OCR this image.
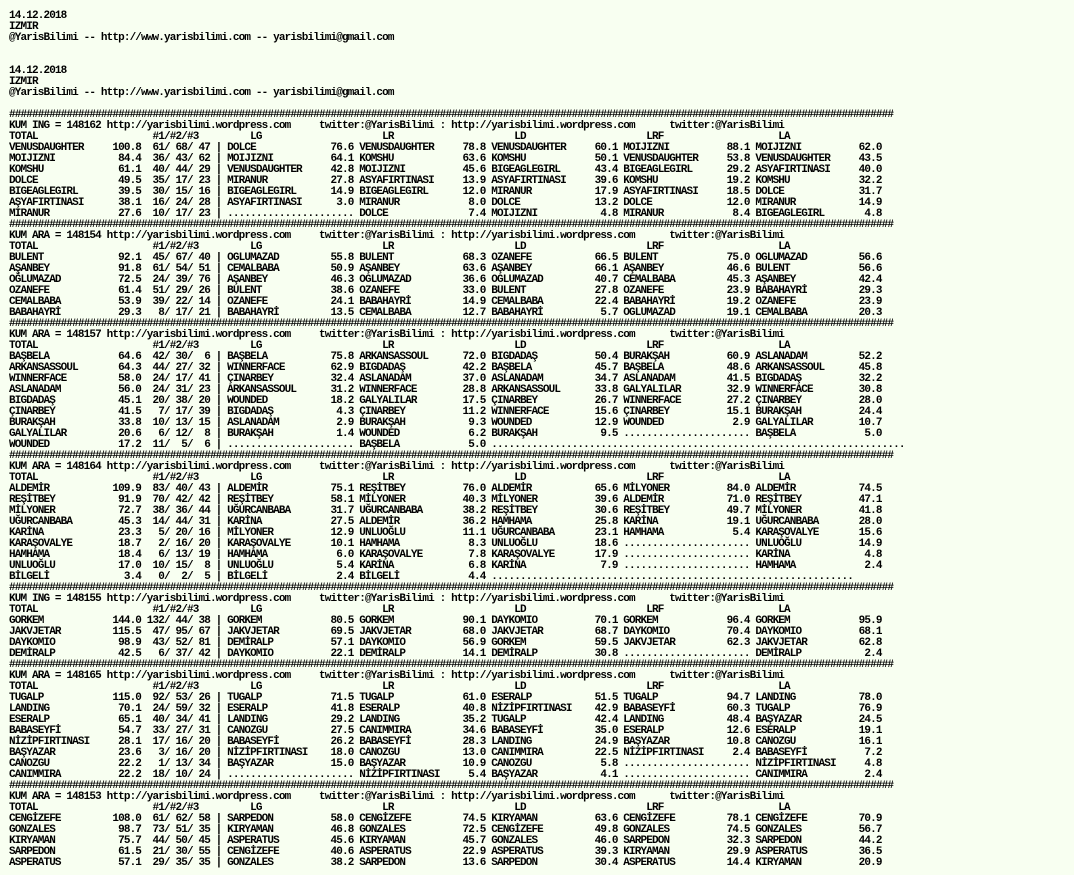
14.12.2018
IZMIR
@YarisBilimi -- http://www.yarisbilimi.com -- yarisbilimi@gmail.com
14.12.2018
IZMIR
@YarisBilimi -- http://www.yarisbilimi.com -- yarisbilimi@gmail.com
##########################################################################################################################################################
KUM ING = 148162 http://yarisbilimi.wordpress.com     twitter:@YarisBilimi : http://yarisbilimi.wordpress.com      twitter:@YarisBilimi
TOTAL                    #1/#2/#3         LG                     LR                     LD                     LRF                    LA
VENUSDAUGHTER     100.8  61/ 68/ 47 | DOLCE             76.6 VENUSDAUGHTER     78.8 VENUSDAUGHTER     60.1 MOIJIZNI          88.1 MOIJIZNI          62.0
MOIJIZNI           84.4  36/ 43/ 62 | MOIJIZNI          64.1 KOMSHU            63.6 KOMSHU            50.1 VENUSDAUGHTER     53.8 VENUSDAUGHTER     43.5
KOMSHU             61.1  40/ 44/ 29 | VENUSDAUGHTER     42.8 MOIJIZNI          45.6 BIGEAGLEGIRL      43.4 BIGEAGLEGIRL      29.2 ASYAFIRTINASI     40.0
DOLCE              49.5  35/ 17/ 23 | MIRANUR           27.8 ASYAFIRTINASI     13.9 ASYAFIRTINASI     39.6 KOMSHU            19.2 KOMSHU            32.2
BIGEAGLEGIRL       39.5  30/ 15/ 16 | BIGEAGLEGIRL      14.9 BIGEAGLEGIRL      12.0 MIRANUR           17.9 ASYAFIRTINASI     18.5 DOLCE             31.7
AŞYAFIRTINASI      38.1  16/ 24/ 28 | ASYAFIRTINASI      3.0 MIRANUR            8.0 DOLCE             13.2 DOLCE             12.0 MIRANUR           14.9
MIRANUR            27.6  10/ 17/ 23 | ...................... DOLCE              7.4 MOIJIZNI           4.8 MIRANUR            8.4 BIGEAGLEGIRL       4.8
##########################################################################################################################################################
KUM ARA = 148154 http://yarisbilimi.wordpress.com     twitter:@YarisBilimi : http://yarisbilimi.wordpress.com      twitter:@YarisBilimi
TOTAL                    #1/#2/#3         LG                     LR                     LD                     LRF                    LA
BULENT             92.1  45/ 67/ 40 | OGLUMAZAD         55.8 BULENT            68.3 OZANEFE           66.5 BULENT            75.0 OGLUMAZAD         56.6
AŞANBEY            91.8  61/ 54/ 51 | CEMALBABA         50.9 AŞANBEY           63.6 AŞANBEY           66.1 AŞANBEY           46.6 BULENT            56.6
OĞLUMAZAD          72.5  24/ 39/ 76 | AŞANBEY           46.3 OGLUMAZAD         36.6 OGLUMAZAD         40.7 CEMALBABA         45.3 AŞANBEY           42.4
OZANEFE            61.4  51/ 29/ 26 | BULENT            38.6 OZANEFE           33.0 BULENT            27.8 OZANEFE           23.9 BABAHAYRİ         29.3
CEMALBABA          53.9  39/ 22/ 14 | OZANEFE           24.1 BABAHAYRİ         14.9 CEMALBABA         22.4 BABAHAYRİ         19.2 OZANEFE           23.9
BABAHAYRİ          29.3   8/ 17/ 21 | BABAHAYRİ         13.5 CEMALBABA         12.7 BABAHAYRİ          5.7 OGLUMAZAD         19.1 CEMALBABA         20.3
##########################################################################################################################################################
KUM ARA = 148157 http://yarisbilimi.wordpress.com     twitter:@YarisBilimi : http://yarisbilimi.wordpress.com      twitter:@YarisBilimi
TOTAL                    #1/#2/#3         LG                     LR                     LD                     LRF                    LA
BAŞBELA            64.6  42/ 30/  6 | BAŞBELA           75.8 ARKANSASSOUL      72.0 BIGDADAŞ          50.4 BURAKŞAH          60.9 ASLANADAM         52.2
ARKANSASSOUL       64.3  44/ 27/ 32 | WINNERFACE        62.9 BIGDADAŞ          42.2 BAŞBELA           45.7 BAŞBELA           48.6 ARKANSASSOUL      45.8
WINNERFACE         58.0  24/ 17/ 41 | ÇINARBEY          32.4 ASLANADAM         37.0 ASLANADAM         34.7 ASLANADAM         41.5 BIGDADAŞ          32.2
ASLANADAM          56.0  24/ 31/ 23 | ARKANSASSOUL      31.2 WINNERFACE        28.8 ARKANSASSOUL      33.8 GALYALILAR        32.9 WINNERFACE        30.8
BIGDADAŞ           45.1  20/ 38/ 20 | WOUNDED           18.2 GALYALILAR        17.5 ÇINARBEY          26.7 WINNERFACE        27.2 ÇINARBEY          28.0
ÇINARBEY           41.5   7/ 17/ 39 | BIGDADAŞ           4.3 ÇINARBEY          11.2 WINNERFACE        15.6 ÇINARBEY          15.1 BURAKŞAH          24.4
BURAKŞAH           33.8  10/ 13/ 15 | ASLANADAM          2.9 BURAKŞAH           9.3 WOUNDED           12.9 WOUNDED            2.9 GALYALILAR        10.7
GALYALILAR         20.6   6/ 12/  8 | BURAKŞAH           1.4 WOUNDED            6.2 BURAKŞAH           9.5 ...................... BAŞBELA            5.0
WOUNDED            17.2  11/  5/  6 | ...................... BAŞBELA            5.0 ........................................................................
##########################################################################################################################################################
KUM ARA = 148164 http://yarisbilimi.wordpress.com     twitter:@YarisBilimi : http://yarisbilimi.wordpress.com      twitter:@YarisBilimi
TOTAL                    #1/#2/#3         LG                     LR                     LD                     LRF                    LA
ALDEMİR           109.9  83/ 40/ 43 | ALDEMİR           75.1 REŞİTBEY          76.0 ALDEMİR           65.6 MİLYONER          84.0 ALDEMİR           74.5
REŞİTBEY           91.9  70/ 42/ 42 | REŞİTBEY          58.1 MİLYONER          40.3 MİLYONER          39.6 ALDEMİR           71.0 REŞİTBEY          47.1
MİLYONER           72.7  38/ 36/ 44 | UĞURCANBABA       31.7 UĞURCANBABA       38.2 REŞİTBEY          30.6 REŞİTBEY          49.7 MİLYONER          41.8
UĞURCANBABA        45.3  14/ 44/ 31 | KARİNA            27.5 ALDEMİR           36.2 HAMHAMA           25.8 KARİNA            19.1 UĞURCANBABA       28.0
KARİNA             23.3   5/ 20/ 16 | MİLYONER          12.9 UNLUOĞLU          11.1 UĞURCANBABA       23.1 HAMHAMA            5.4 KARAŞOVALYE       15.6
KARAŞOVALYE        18.7   2/ 16/ 20 | KARAŞOVALYE       10.1 HAMHAMA            8.3 UNLUOĞLU          18.6 ...................... UNLUOĞLU          14.9
HAMHAMA            18.4   6/ 13/ 19 | HAMHAMA            6.0 KARAŞOVALYE        7.8 KARAŞOVALYE       17.9 ...................... KARİNA             4.8
UNLUOĞLU           17.0  10/ 15/  8 | UNLUOĞLU           5.4 KARİNA             6.8 KARİNA             7.9 ...................... HAMHAMA            2.4
BİLGELİ             3.4   0/  2/  5 | BİLGELİ            2.4 BİLGELİ            4.4 ...............................................................
##########################################################################################################################################################
KUM ING = 148155 http://yarisbilimi.wordpress.com     twitter:@YarisBilimi : http://yarisbilimi.wordpress.com      twitter:@YarisBilimi
TOTAL                    #1/#2/#3         LG                     LR                     LD                     LRF                    LA
GORKEM            144.0 132/ 44/ 38 | GORKEM            80.5 GORKEM            90.1 DAYKOMIO          70.1 GORKEM            96.4 GORKEM            95.9
JAKVJETAR         115.5  47/ 95/ 67 | JAKVJETAR         69.5 JAKVJETAR         68.0 JAKVJETAR         68.7 DAYKOMIO          70.4 DAYKOMIO          68.1
DAYKOMIO           98.9  43/ 52/ 81 | DEMİRALP          57.1 DAYKOMIO          56.9 GORKEM            59.5 JAKVJETAR         62.3 JAKVJETAR         62.8
DEMİRALP           42.5   6/ 37/ 42 | DAYKOMIO          22.1 DEMİRALP          14.1 DEMİRALP          30.8 ...................... DEMİRALP           2.4
##########################################################################################################################################################
KUM ARA = 148165 http://yarisbilimi.wordpress.com     twitter:@YarisBilimi : http://yarisbilimi.wordpress.com      twitter:@YarisBilimi
TOTAL                    #1/#2/#3         LG                     LR                     LD                     LRF                    LA
TUGALP            115.0  92/ 53/ 26 | TUGALP            71.5 TUGALP            61.0 ESERALP           51.5 TUGALP            94.7 LANDING           78.0
LANDING            70.1  24/ 59/ 32 | ESERALP           41.8 ESERALP           40.8 NİZİPFIRTINASI    42.9 BABASEYFİ         60.3 TUGALP            76.9
ESERALP            65.1  40/ 34/ 41 | LANDING           29.2 LANDING           35.2 TUGALP            42.4 LANDING           48.4 BAŞYAZAR          24.5
BABASEYFİ          54.7  33/ 27/ 31 | CANOZGU           27.5 CANIMMIRA         34.6 BABASEYFİ         35.0 ESERALP           12.6 ESERALP           19.1
NİZİPFIRTINASI     28.1  17/ 16/ 20 | BABASEYFİ         26.2 BABASEYFİ         28.3 LANDING           24.9 BAŞYAZAR          10.8 CANOZGU           16.1
BAŞYAZAR           23.6   3/ 16/ 20 | NİZİPFIRTINASI    18.0 CANOZGU           13.0 CANIMMIRA         22.5 NİZİPFIRTINASI     2.4 BABASEYFİ          7.2
CANOZGU            22.2   1/ 13/ 34 | BAŞYAZAR          15.0 BAŞYAZAR          10.9 CANOZGU            5.8 ...................... NİZİPFIRTINASI     4.8
CANIMMIRA          22.2  18/ 10/ 24 | ...................... NİZİPFIRTINASI     5.4 BAŞYAZAR           4.1 ...................... CANIMMIRA          2.4
##########################################################################################################################################################
KUM ARA = 148153 http://yarisbilimi.wordpress.com     twitter:@YarisBilimi : http://yarisbilimi.wordpress.com      twitter:@YarisBilimi
TOTAL                    #1/#2/#3         LG                     LR                     LD                     LRF                    LA
CENGİZEFE         108.0  61/ 62/ 58 | SARPEDON          58.0 CENGİZEFE         74.5 KIRYAMAN          63.6 CENGİZEFE         78.1 CENGİZEFE         70.9
GONZALES           98.7  73/ 51/ 35 | KIRYAMAN          46.8 GONZALES          72.5 CENGİZEFE         49.8 GONZALES          74.5 GONZALES          56.7
KIRYAMAN           75.7  44/ 50/ 45 | ASPERATUS         45.6 KIRYAMAN          45.7 GONZALES          46.0 SARPEDON          32.3 SARPEDON          44.2
SARPEDON           61.5  21/ 30/ 55 | CENGİZEFE         40.6 ASPERATUS         22.9 ASPERATUS         39.3 KIRYAMAN          29.9 ASPERATUS         36.5
ASPERATUS          57.1  29/ 35/ 35 | GONZALES          38.2 SARPEDON          13.6 SARPEDON          30.4 ASPERATUS         14.4 KIRYAMAN          20.9
